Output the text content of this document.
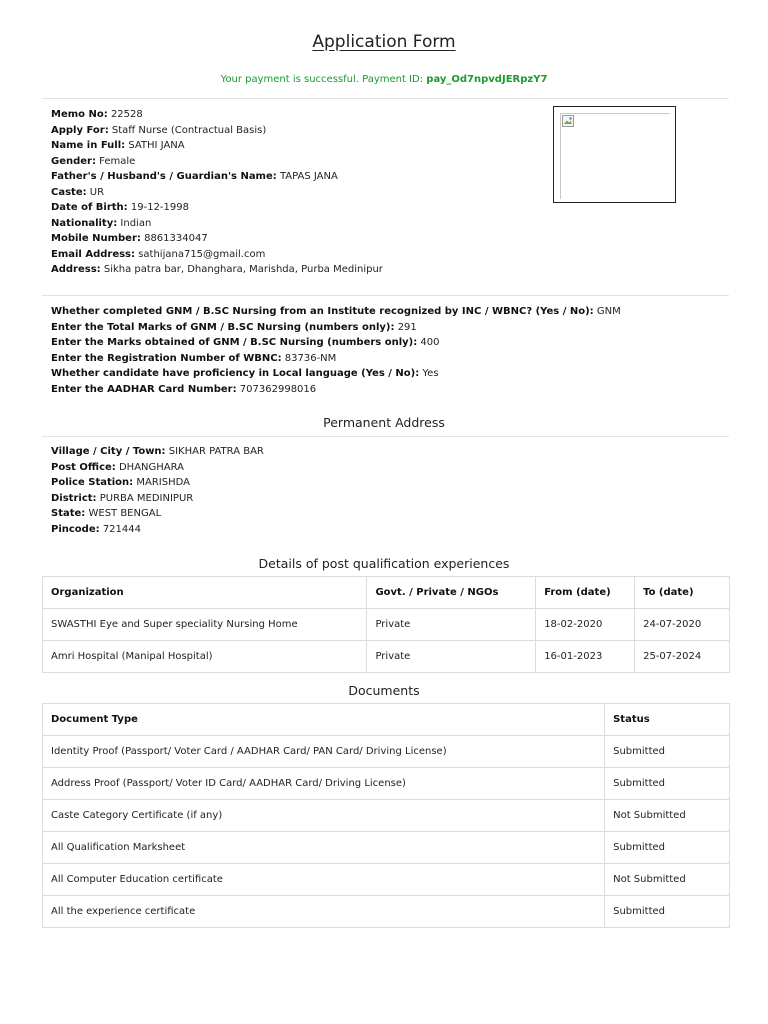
Application Form
Your payment is successful. Payment ID: pay_Od7npvdJERpzY7
Memo No: 22528
Apply For: Staff Nurse (Contractual Basis)
Name in Full: SATHI JANA
Gender: Female
Father's / Husband's / Guardian's Name: TAPAS JANA
Caste: UR
Date of Birth: 19-12-1998
Nationality: Indian
Mobile Number: 8861334047
Email Address: sathijana715@gmail.com
Address: Sikha patra bar, Dhanghara, Marishda, Purba Medinipur
Whether completed GNM / B.SC Nursing from an Institute recognized by INC / WBNC? (Yes / No): GNM
Enter the Total Marks of GNM / B.SC Nursing (numbers only): 291
Enter the Marks obtained of GNM / B.SC Nursing (numbers only): 400
Enter the Registration Number of WBNC: 83736-NM
Whether candidate have proficiency in Local language (Yes / No): Yes
Enter the AADHAR Card Number: 707362998016
Permanent Address
Village / City / Town: SIKHAR PATRA BAR
Post Office: DHANGHARA
Police Station: MARISHDA
District: PURBA MEDINIPUR
State: WEST BENGAL
Pincode: 721444
Details of post qualification experiences
Organization	Govt. / Private / NGOs	From (date)	To (date)
SWASTHI Eye and Super speciality Nursing Home	Private	18-02-2020	24-07-2020
Amri Hospital (Manipal Hospital)	Private	16-01-2023	25-07-2024
Documents
Document Type	Status
Identity Proof (Passport/ Voter Card / AADHAR Card/ PAN Card/ Driving License)	Submitted
Address Proof (Passport/ Voter ID Card/ AADHAR Card/ Driving License)	Submitted
Caste Category Certificate (if any)	Not Submitted
All Qualification Marksheet	Submitted
All Computer Education certificate	Not Submitted
All the experience certificate	Submitted
